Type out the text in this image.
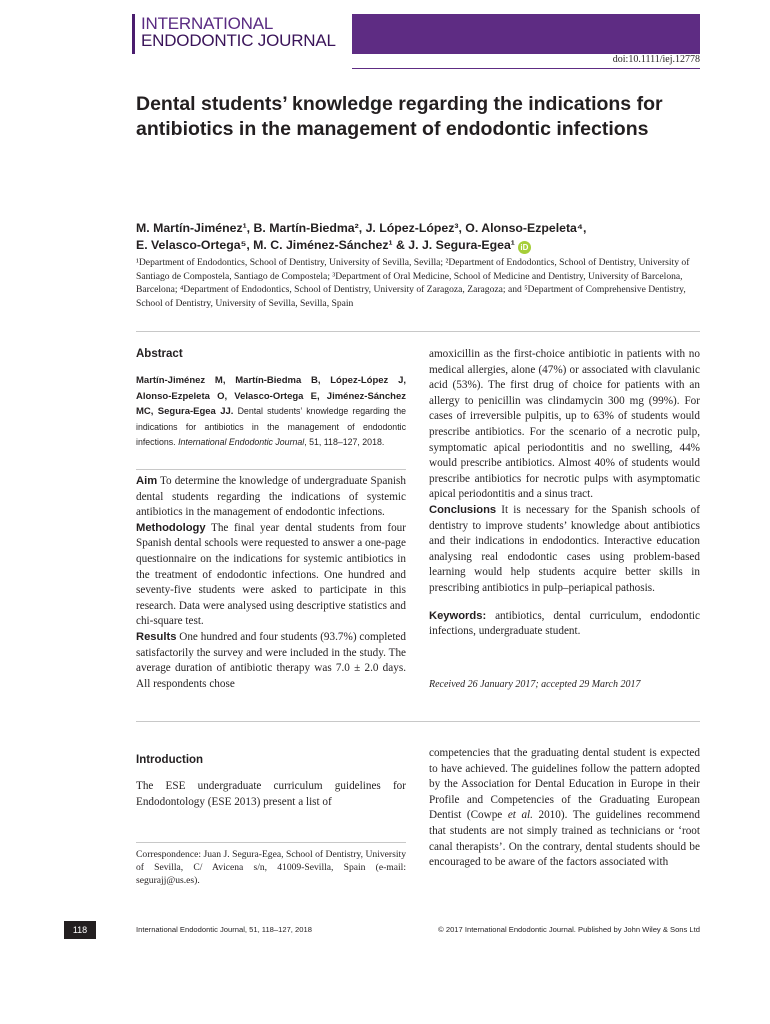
INTERNATIONAL
ENDODONTIC JOURNAL
doi:10.1111/iej.12778
Dental students’ knowledge regarding the indications for antibiotics in the management of endodontic infections
M. Martín-Jiménez¹, B. Martín-Biedma², J. López-López³, O. Alonso-Ezpeleta⁴,
E. Velasco-Ortega⁵, M. C. Jiménez-Sánchez¹ & J. J. Segura-Egea¹ iD
¹Department of Endodontics, School of Dentistry, University of Sevilla, Sevilla; ²Department of Endodontics, School of Dentistry, University of Santiago de Compostela, Santiago de Compostela; ³Department of Oral Medicine, School of Medicine and Dentistry, University of Barcelona, Barcelona; ⁴Department of Endodontics, School of Dentistry, University of Zaragoza, Zaragoza; and ⁵Department of Comprehensive Dentistry, School of Dentistry, University of Sevilla, Sevilla, Spain
Abstract
Martín-Jiménez M, Martín-Biedma B, López-López J, Alonso-Ezpeleta O, Velasco-Ortega E, Jiménez-Sánchez MC, Segura-Egea JJ. Dental students’ knowledge regarding the indications for antibiotics in the management of endodontic infections. International Endodontic Journal, 51, 118–127, 2018.

Aim To determine the knowledge of undergraduate Spanish dental students regarding the indications of systemic antibiotics in the management of endodontic infections.

Methodology The final year dental students from four Spanish dental schools were requested to answer a one-page questionnaire on the indications for systemic antibiotics in the treatment of endodontic infections. One hundred and seventy-five students were asked to participate in this research. Data were analysed using descriptive statistics and chi-square test.

Results One hundred and four students (93.7%) completed satisfactorily the survey and were included in the study. The average duration of antibiotic therapy was 7.0 ± 2.0 days. All respondents chose

amoxicillin as the first-choice antibiotic in patients with no medical allergies, alone (47%) or associated with clavulanic acid (53%). The first drug of choice for patients with an allergy to penicillin was clindamycin 300 mg (99%). For cases of irreversible pulpitis, up to 63% of students would prescribe antibiotics. For the scenario of a necrotic pulp, symptomatic apical periodontitis and no swelling, 44% would prescribe antibiotics. Almost 40% of students would prescribe antibiotics for necrotic pulps with asymptomatic apical periodontitis and a sinus tract.

Conclusions It is necessary for the Spanish schools of dentistry to improve students’ knowledge about antibiotics and their indications in endodontics. Interactive education analysing real endodontic cases using problem-based learning would help students acquire better skills in prescribing antibiotics in pulp–periapical pathosis.

Keywords: antibiotics, dental curriculum, endodontic infections, undergraduate student.

Received 26 January 2017; accepted 29 March 2017
Introduction
The ESE undergraduate curriculum guidelines for Endodontology (ESE 2013) present a list of
competencies that the graduating dental student is expected to have achieved. The guidelines follow the pattern adopted by the Association for Dental Education in Europe in their Profile and Competencies of the Graduating European Dentist (Cowpe et al. 2010). The guidelines recommend that students are not simply trained as technicians or ‘root canal therapists’. On the contrary, dental students should be encouraged to be aware of the factors associated with
Correspondence: Juan J. Segura-Egea, School of Dentistry, University of Sevilla, C/ Avicena s/n, 41009-Sevilla, Spain (e-mail: segurajj@us.es).
118	International Endodontic Journal, 51, 118–127, 2018	© 2017 International Endodontic Journal. Published by John Wiley & Sons Ltd
